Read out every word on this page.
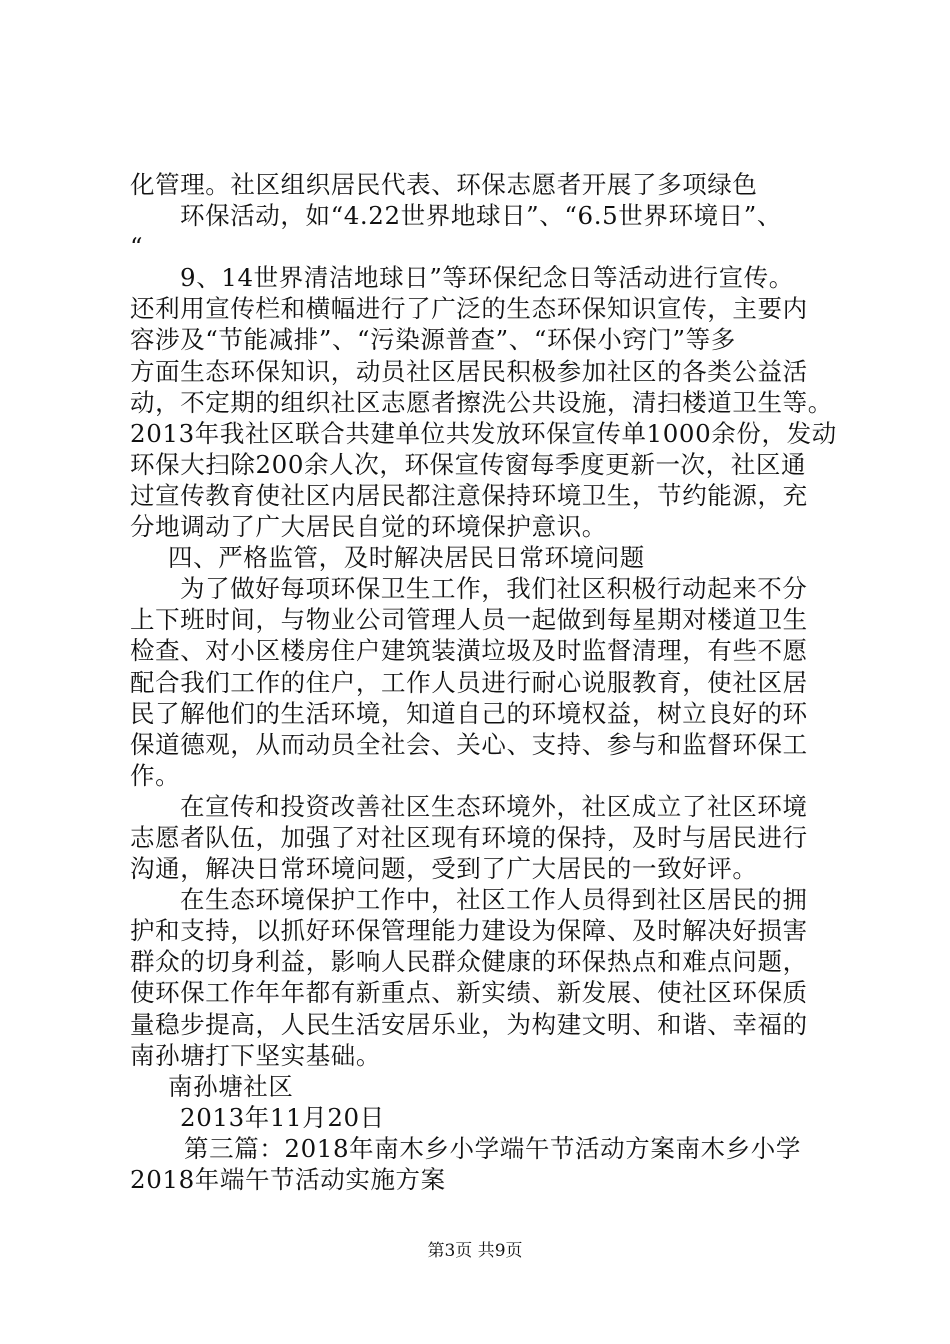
化管理。社区组织居民代表、环保志愿者开展了多项绿色
环保活动，如“4.22世界地球日”、“6.5世界环境日”、
“
9、14世界清洁地球日”等环保纪念日等活动进行宣传。
还利用宣传栏和横幅进行了广泛的生态环保知识宣传，主要内
容涉及“节能减排”、“污染源普查”、“环保小窍门”等多
方面生态环保知识，动员社区居民积极参加社区的各类公益活
动，不定期的组织社区志愿者擦洗公共设施，清扫楼道卫生等。
2013年我社区联合共建单位共发放环保宣传单1000余份，发动
环保大扫除200余人次，环保宣传窗每季度更新一次，社区通
过宣传教育使社区内居民都注意保持环境卫生，节约能源，充
分地调动了广大居民自觉的环境保护意识。
四、严格监管，及时解决居民日常环境问题
为了做好每项环保卫生工作，我们社区积极行动起来不分
上下班时间，与物业公司管理人员一起做到每星期对楼道卫生
检查、对小区楼房住户建筑装潢垃圾及时监督清理，有些不愿
配合我们工作的住户，工作人员进行耐心说服教育，使社区居
民了解他们的生活环境，知道自己的环境权益，树立良好的环
保道德观，从而动员全社会、关心、支持、参与和监督环保工
作。
在宣传和投资改善社区生态环境外，社区成立了社区环境
志愿者队伍，加强了对社区现有环境的保持，及时与居民进行
沟通，解决日常环境问题，受到了广大居民的一致好评。
在生态环境保护工作中，社区工作人员得到社区居民的拥
护和支持，以抓好环保管理能力建设为保障、及时解决好损害
群众的切身利益，影响人民群众健康的环保热点和难点问题，
使环保工作年年都有新重点、新实绩、新发展、使社区环保质
量稳步提高，人民生活安居乐业，为构建文明、和谐、幸福的
南孙塘打下坚实基础。
南孙塘社区
2013年11月20日
第三篇：2018年南木乡小学端午节活动方案南木乡小学
2018年端午节活动实施方案
第3页 共9页
